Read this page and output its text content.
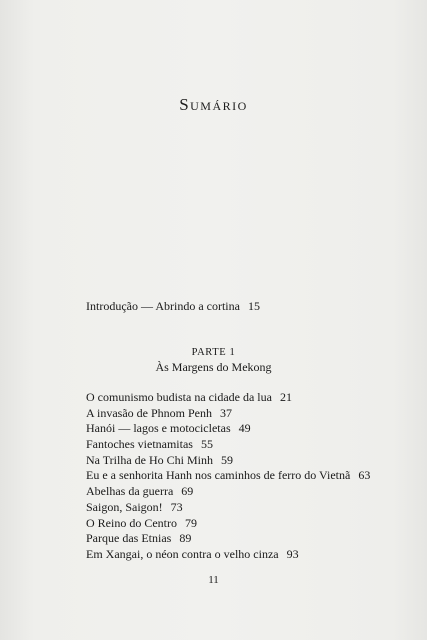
Sumário
Introdução — Abrindo a cortina 15
PARTE 1
Às Margens do Mekong
O comunismo budista na cidade da lua 21
A invasão de Phnom Penh 37
Hanói — lagos e motocicletas 49
Fantoches vietnamitas 55
Na Trilha de Ho Chi Minh 59
Eu e a senhorita Hanh nos caminhos de ferro do Vietnã 63
Abelhas da guerra 69
Saigon, Saigon! 73
O Reino do Centro 79
Parque das Etnias 89
Em Xangai, o néon contra o velho cinza 93
11
